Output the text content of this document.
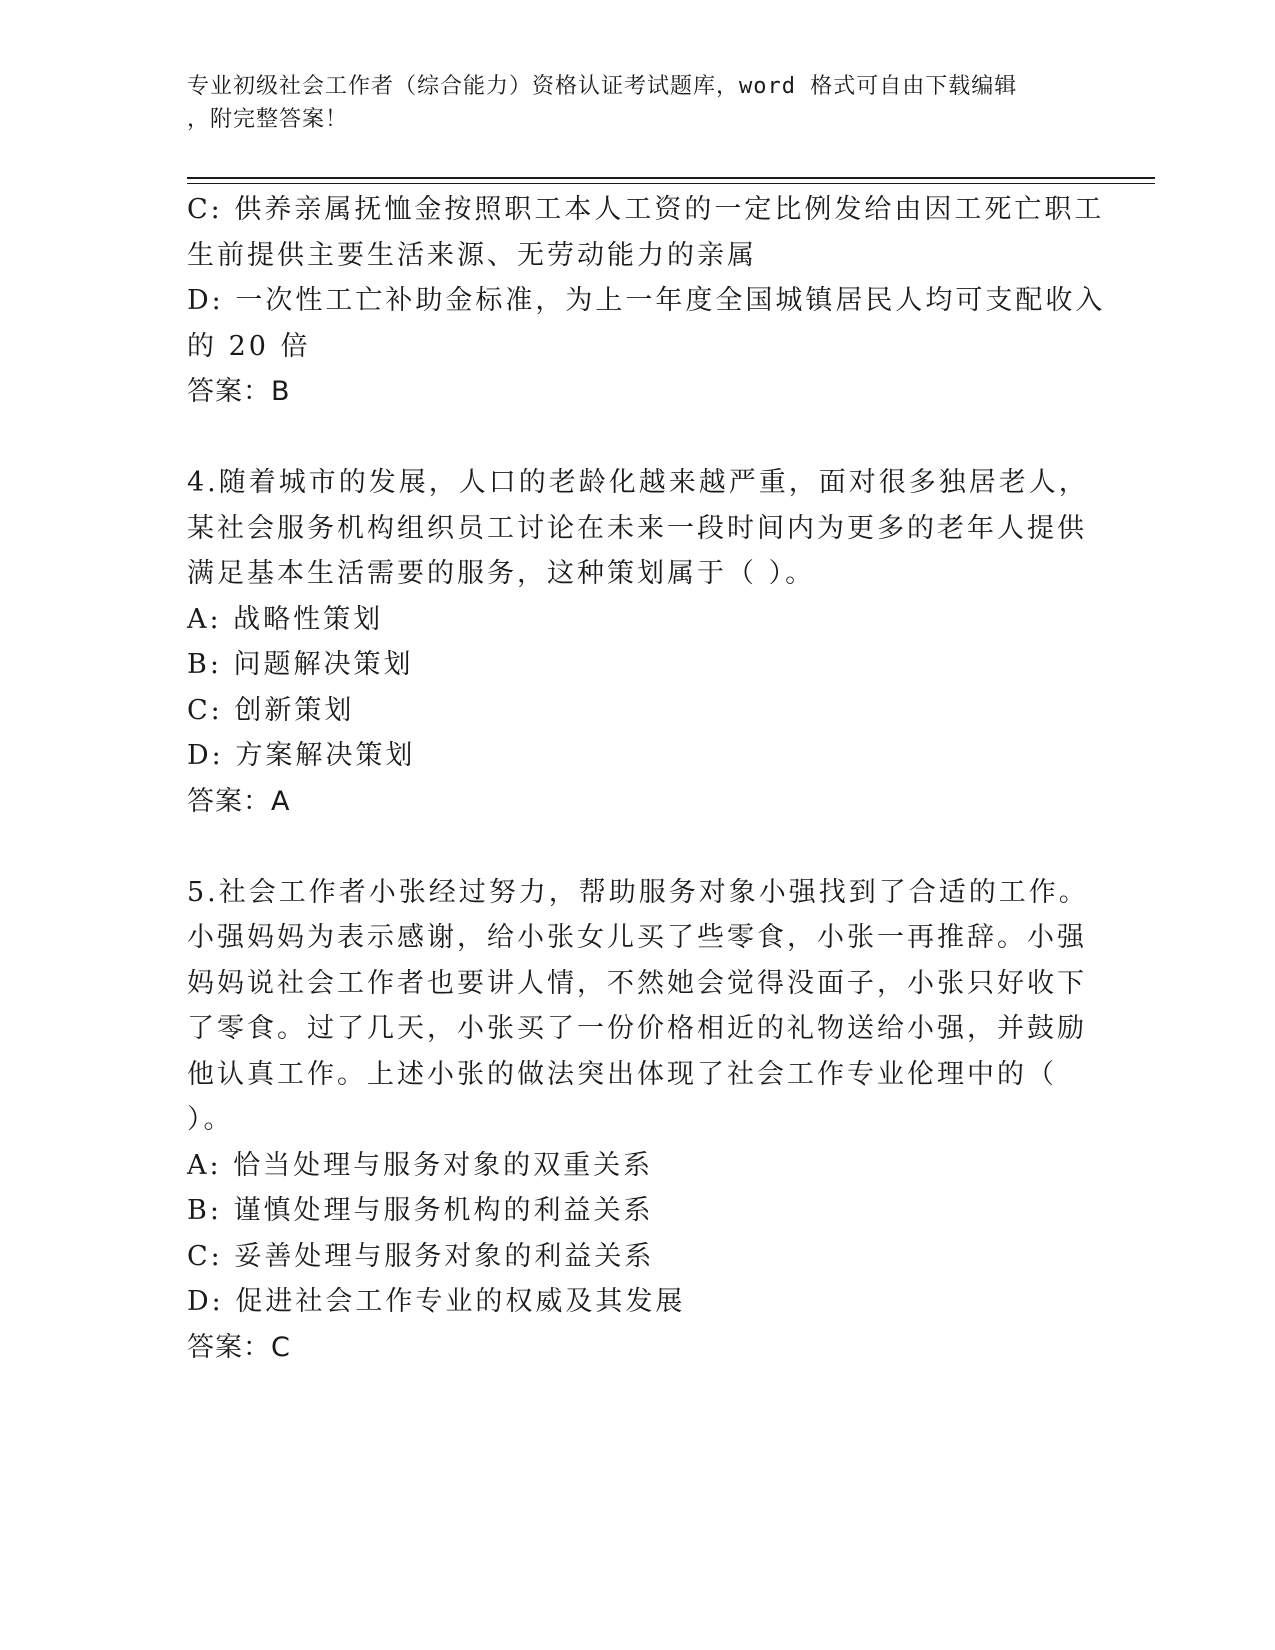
专业初级社会工作者（综合能力）资格认证考试题库，word 格式可自由下载编辑
，附完整答案！
C: 供养亲属抚恤金按照职工本人工资的一定比例发给由因工死亡职工
生前提供主要生活来源、无劳动能力的亲属
D: 一次性工亡补助金标准，为上一年度全国城镇居民人均可支配收入
的 20 倍
答案：B
4.随着城市的发展，人口的老龄化越来越严重，面对很多独居老人，
某社会服务机构组织员工讨论在未来一段时间内为更多的老年人提供
满足基本生活需要的服务，这种策划属于（ ）。
A: 战略性策划
B: 问题解决策划
C: 创新策划
D: 方案解决策划
答案：A
5.社会工作者小张经过努力，帮助服务对象小强找到了合适的工作。
小强妈妈为表示感谢，给小张女儿买了些零食，小张一再推辞。小强
妈妈说社会工作者也要讲人情，不然她会觉得没面子，小张只好收下
了零食。过了几天，小张买了一份价格相近的礼物送给小强，并鼓励
他认真工作。上述小张的做法突出体现了社会工作专业伦理中的（
）。
A: 恰当处理与服务对象的双重关系
B: 谨慎处理与服务机构的利益关系
C: 妥善处理与服务对象的利益关系
D: 促进社会工作专业的权威及其发展
答案：C
